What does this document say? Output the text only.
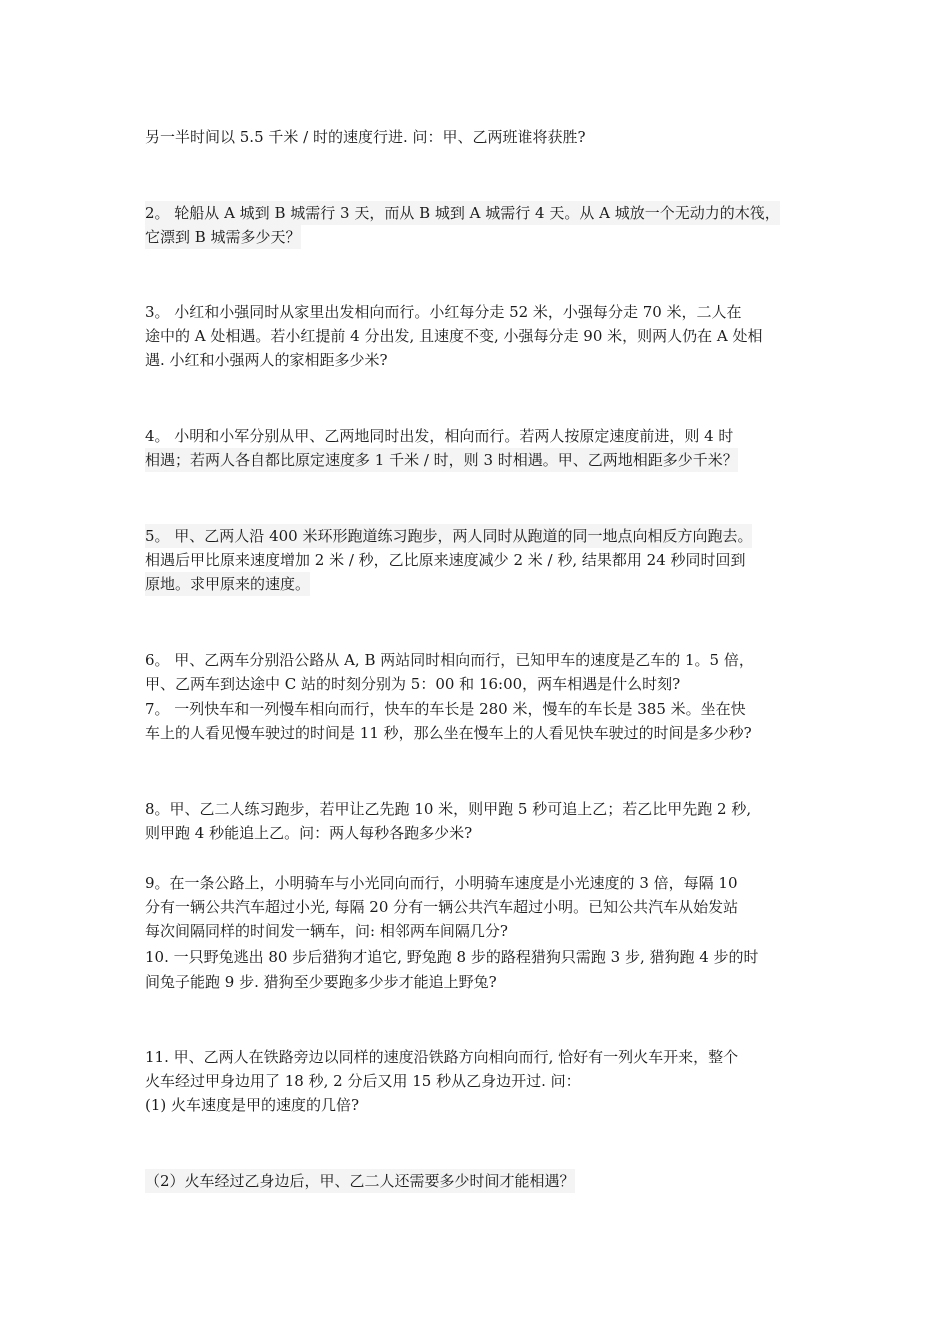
另一半时间以 5.5 千米 / 时的速度行进. 问：甲、乙两班谁将获胜?
2。 轮船从 A 城到 B 城需行 3 天，而从 B 城到 A 城需行 4 天。从 A 城放一个无动力的木筏，
它漂到 B 城需多少天？
3。 小红和小强同时从家里出发相向而行。小红每分走 52 米，小强每分走 70 米，二人在
途中的 A 处相遇。若小红提前 4 分出发, 且速度不变, 小强每分走 90 米，则两人仍在 A 处相
遇. 小红和小强两人的家相距多少米?
4。 小明和小军分别从甲、乙两地同时出发，相向而行。若两人按原定速度前进，则 4 时
相遇；若两人各自都比原定速度多 1 千米 / 时，则 3 时相遇。甲、乙两地相距多少千米？
5。 甲、乙两人沿 400 米环形跑道练习跑步，两人同时从跑道的同一地点向相反方向跑去。
相遇后甲比原来速度增加 2 米 / 秒，乙比原来速度减少 2 米 / 秒, 结果都用 24 秒同时回到
原地。求甲原来的速度。
6。 甲、乙两车分别沿公路从 A, B 两站同时相向而行，已知甲车的速度是乙车的 1。5 倍，
甲、乙两车到达途中 C 站的时刻分别为 5：00 和 16:00，两车相遇是什么时刻?
7。 一列快车和一列慢车相向而行，快车的车长是 280 米，慢车的车长是 385 米。坐在快
车上的人看见慢车驶过的时间是 11 秒，那么坐在慢车上的人看见快车驶过的时间是多少秒?
8。甲、乙二人练习跑步，若甲让乙先跑 10 米，则甲跑 5 秒可追上乙；若乙比甲先跑 2 秒,
则甲跑 4 秒能追上乙。问：两人每秒各跑多少米?
9。在一条公路上，小明骑车与小光同向而行，小明骑车速度是小光速度的 3 倍，每隔 10
分有一辆公共汽车超过小光, 每隔 20 分有一辆公共汽车超过小明。已知公共汽车从始发站
每次间隔同样的时间发一辆车，问: 相邻两车间隔几分?
10. 一只野兔逃出 80 步后猎狗才追它, 野兔跑 8 步的路程猎狗只需跑 3 步, 猎狗跑 4 步的时
间兔子能跑 9 步. 猎狗至少要跑多少步才能追上野兔?
11. 甲、乙两人在铁路旁边以同样的速度沿铁路方向相向而行, 恰好有一列火车开来，整个
火车经过甲身边用了 18 秒, 2 分后又用 15 秒从乙身边开过. 问：
(1) 火车速度是甲的速度的几倍?
（2）火车经过乙身边后，甲、乙二人还需要多少时间才能相遇？
